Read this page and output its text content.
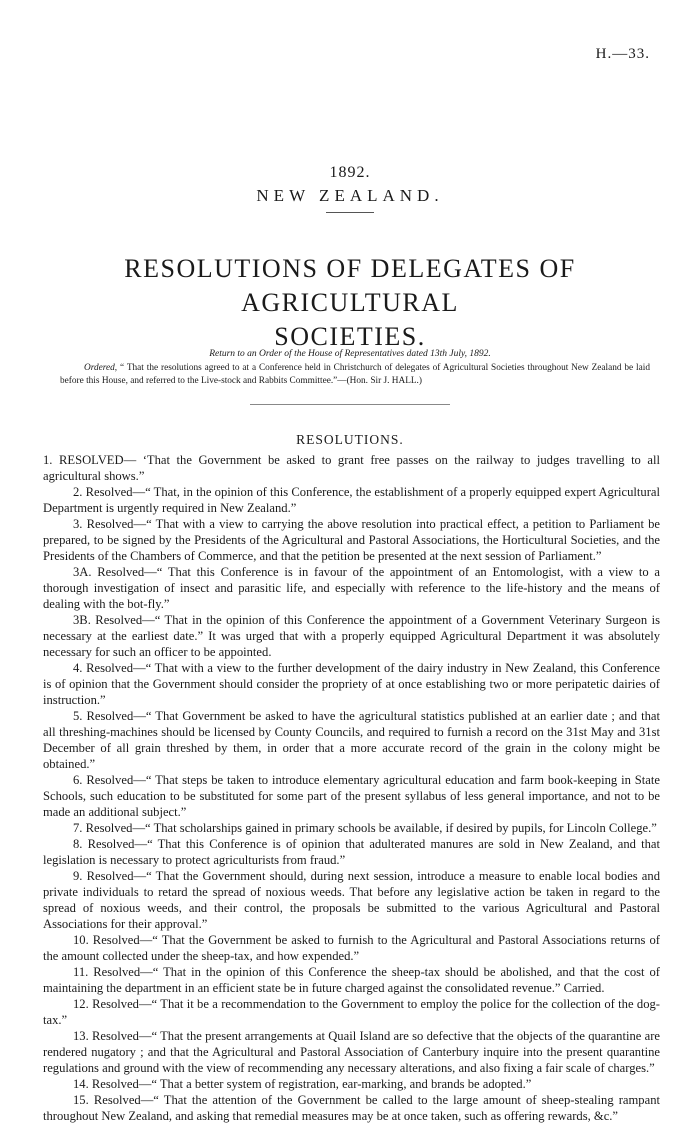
H.—33.
1892.
NEW ZEALAND.
RESOLUTIONS OF DELEGATES OF AGRICULTURAL
SOCIETIES.
Return to an Order of the House of Representatives dated 13th July, 1892.

Ordered, “ That the resolutions agreed to at a Conference held in Christchurch of delegates of Agricultural Societies throughout New Zealand be laid before this House, and referred to the Live-stock and Rabbits Committee.”—(Hon. Sir J. HALL.)

RESOLUTIONS.

1. RESOLVED— ‘That the Government be asked to grant free passes on the railway to judges travelling to all agricultural shows.”

2. Resolved—“ That, in the opinion of this Conference, the establishment of a properly equipped expert Agricultural Department is urgently required in New Zealand.”

3. Resolved—“ That with a view to carrying the above resolution into practical effect, a petition to Parliament be prepared, to be signed by the Presidents of the Agricultural and Pastoral Associations, the Horticultural Societies, and the Presidents of the Chambers of Commerce, and that the petition be presented at the next session of Parliament.”

3A. Resolved—“ That this Conference is in favour of the appointment of an Entomologist, with a view to a thorough investigation of insect and parasitic life, and especially with reference to the life-history and the means of dealing with the bot-fly.”

3B. Resolved—“ That in the opinion of this Conference the appointment of a Government Veterinary Surgeon is necessary at the earliest date.” It was urged that with a properly equipped Agricultural Department it was absolutely necessary for such an officer to be appointed.

4. Resolved—“ That with a view to the further development of the dairy industry in New Zealand, this Conference is of opinion that the Government should consider the propriety of at once establishing two or more peripatetic dairies of instruction.”

5. Resolved—“ That Government be asked to have the agricultural statistics published at an earlier date ; and that all threshing-machines should be licensed by County Councils, and required to furnish a record on the 31st May and 31st December of all grain threshed by them, in order that a more accurate record of the grain in the colony might be obtained.”

6. Resolved—“ That steps be taken to introduce elementary agricultural education and farm book-keeping in State Schools, such education to be substituted for some part of the present syllabus of less general importance, and not to be made an additional subject.”

7. Resolved—“ That scholarships gained in primary schools be available, if desired by pupils, for Lincoln College.”

8. Resolved—“ That this Conference is of opinion that adulterated manures are sold in New Zealand, and that legislation is necessary to protect agriculturists from fraud.”

9. Resolved—“ That the Government should, during next session, introduce a measure to enable local bodies and private individuals to retard the spread of noxious weeds. That before any legislative action be taken in regard to the spread of noxious weeds, and their control, the proposals be submitted to the various Agricultural and Pastoral Associations for their approval.”

10. Resolved—“ That the Government be asked to furnish to the Agricultural and Pastoral Associations returns of the amount collected under the sheep-tax, and how expended.”

11. Resolved—“ That in the opinion of this Conference the sheep-tax should be abolished, and that the cost of maintaining the department in an efficient state be in future charged against the consolidated revenue.” Carried.

12. Resolved—“ That it be a recommendation to the Government to employ the police for the collection of the dog-tax.”

13. Resolved—“ That the present arrangements at Quail Island are so defective that the objects of the quarantine are rendered nugatory ; and that the Agricultural and Pastoral Association of Canterbury inquire into the present quarantine regulations and ground with the view of recommending any necessary alterations, and also fixing a fair scale of charges.”

14. Resolved—“ That a better system of registration, ear-marking, and brands be adopted.”

15. Resolved—“ That the attention of the Government be called to the large amount of sheep-stealing rampant throughout New Zealand, and asking that remedial measures may be at once taken, such as offering rewards, &c.”
